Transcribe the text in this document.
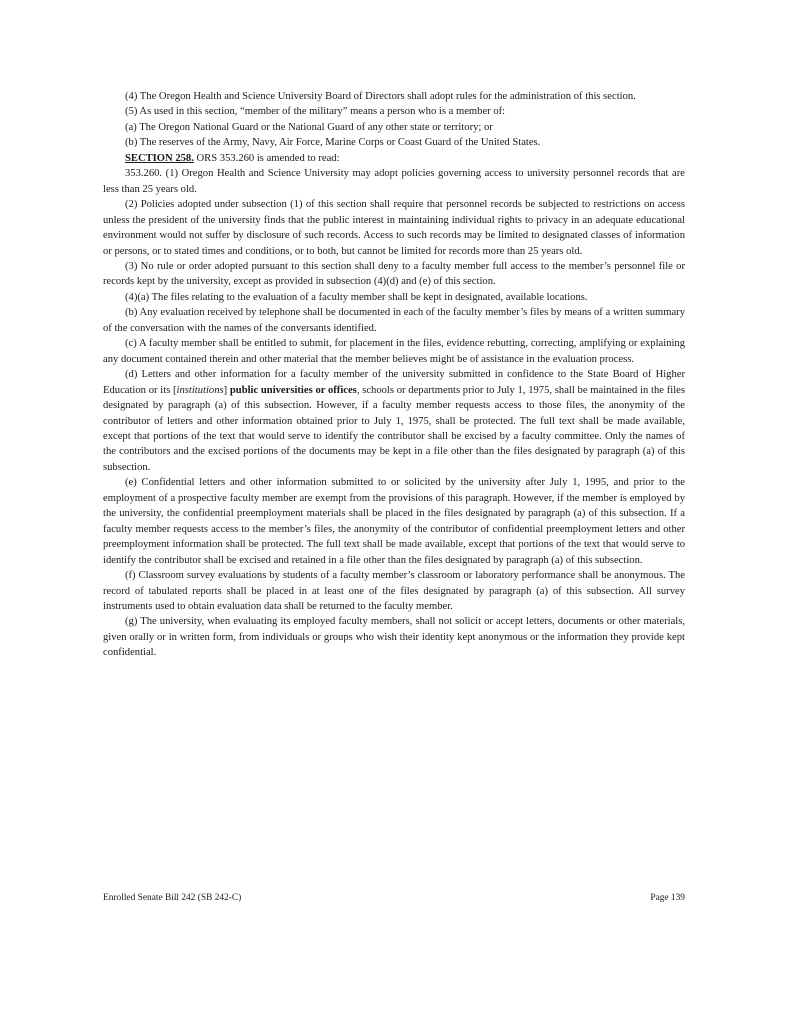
(4) The Oregon Health and Science University Board of Directors shall adopt rules for the administration of this section.

(5) As used in this section, “member of the military” means a person who is a member of:

(a) The Oregon National Guard or the National Guard of any other state or territory; or

(b) The reserves of the Army, Navy, Air Force, Marine Corps or Coast Guard of the United States.

SECTION 258. ORS 353.260 is amended to read:

353.260. (1) Oregon Health and Science University may adopt policies governing access to university personnel records that are less than 25 years old.

(2) Policies adopted under subsection (1) of this section shall require that personnel records be subjected to restrictions on access unless the president of the university finds that the public interest in maintaining individual rights to privacy in an adequate educational environment would not suffer by disclosure of such records. Access to such records may be limited to designated classes of information or persons, or to stated times and conditions, or to both, but cannot be limited for records more than 25 years old.

(3) No rule or order adopted pursuant to this section shall deny to a faculty member full access to the member’s personnel file or records kept by the university, except as provided in subsection (4)(d) and (e) of this section.

(4)(a) The files relating to the evaluation of a faculty member shall be kept in designated, available locations.

(b) Any evaluation received by telephone shall be documented in each of the faculty member’s files by means of a written summary of the conversation with the names of the conversants identified.

(c) A faculty member shall be entitled to submit, for placement in the files, evidence rebutting, correcting, amplifying or explaining any document contained therein and other material that the member believes might be of assistance in the evaluation process.

(d) Letters and other information for a faculty member of the university submitted in confidence to the State Board of Higher Education or its [institutions] public universities or offices, schools or departments prior to July 1, 1975, shall be maintained in the files designated by paragraph (a) of this subsection. However, if a faculty member requests access to those files, the anonymity of the contributor of letters and other information obtained prior to July 1, 1975, shall be protected. The full text shall be made available, except that portions of the text that would serve to identify the contributor shall be excised by a faculty committee. Only the names of the contributors and the excised portions of the documents may be kept in a file other than the files designated by paragraph (a) of this subsection.

(e) Confidential letters and other information submitted to or solicited by the university after July 1, 1995, and prior to the employment of a prospective faculty member are exempt from the provisions of this paragraph. However, if the member is employed by the university, the confidential preemployment materials shall be placed in the files designated by paragraph (a) of this subsection. If a faculty member requests access to the member’s files, the anonymity of the contributor of confidential preemployment letters and other preemployment information shall be protected. The full text shall be made available, except that portions of the text that would serve to identify the contributor shall be excised and retained in a file other than the files designated by paragraph (a) of this subsection.

(f) Classroom survey evaluations by students of a faculty member’s classroom or laboratory performance shall be anonymous. The record of tabulated reports shall be placed in at least one of the files designated by paragraph (a) of this subsection. All survey instruments used to obtain evaluation data shall be returned to the faculty member.

(g) The university, when evaluating its employed faculty members, shall not solicit or accept letters, documents or other materials, given orally or in written form, from individuals or groups who wish their identity kept anonymous or the information they provide kept confidential.

Enrolled Senate Bill 242 (SB 242-C)	Page 139
